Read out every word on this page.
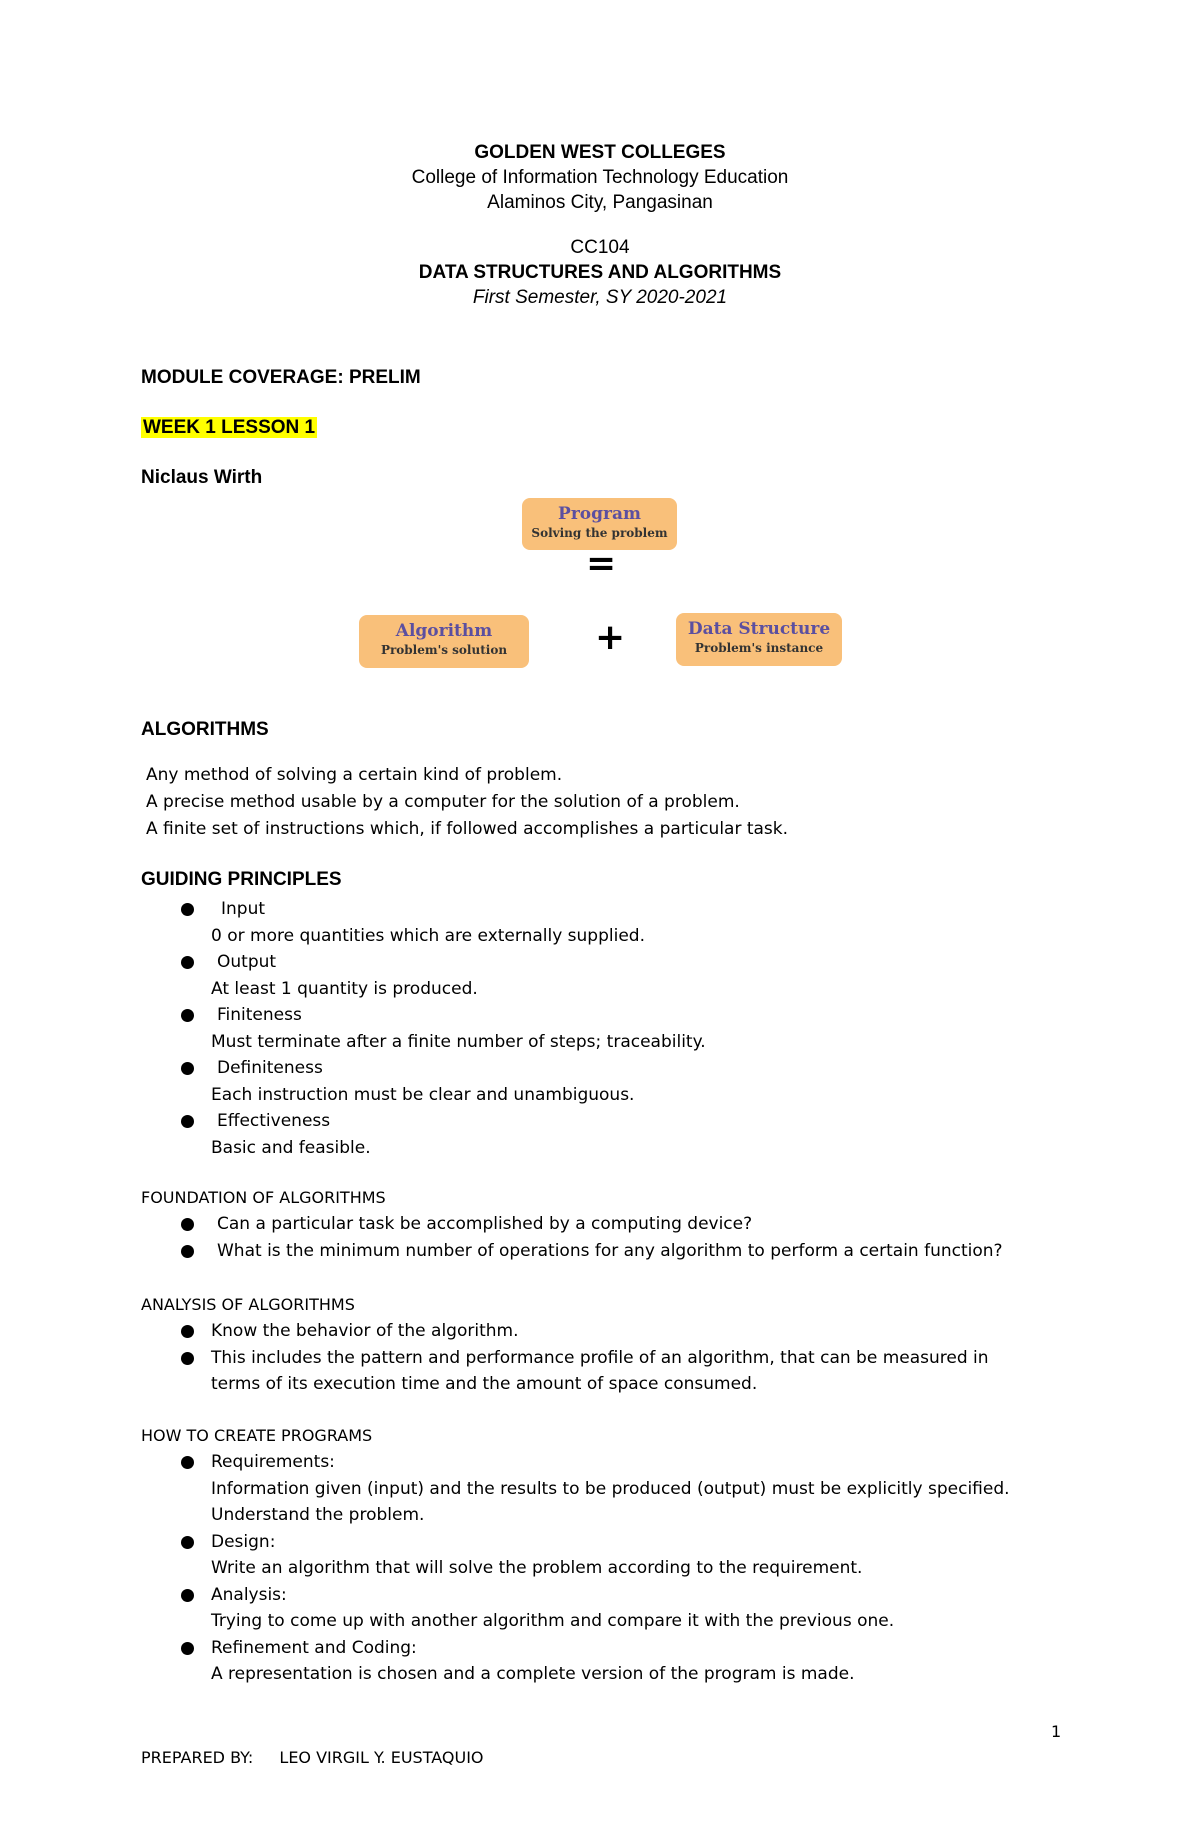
GOLDEN WEST COLLEGES
College of Information Technology Education
Alaminos City, Pangasinan
CC104
DATA STRUCTURES AND ALGORITHMS
First Semester, SY 2020-2021
MODULE COVERAGE: PRELIM
WEEK 1 LESSON 1
Niclaus Wirth
Program
Solving the problem
=
Algorithm
Problem's solution	+	Data Structure
Problem's instance
ALGORITHMS
Any method of solving a certain kind of problem.
A precise method usable by a computer for the solution of a problem.
A finite set of instructions which, if followed accomplishes a particular task.
GUIDING PRINCIPLES
Input
0 or more quantities which are externally supplied.
Output
At least 1 quantity is produced.
Finiteness
Must terminate after a finite number of steps; traceability.
Definiteness
Each instruction must be clear and unambiguous.
Effectiveness
Basic and feasible.
FOUNDATION OF ALGORITHMS
Can a particular task be accomplished by a computing device?
What is the minimum number of operations for any algorithm to perform a certain function?
ANALYSIS OF ALGORITHMS
Know the behavior of the algorithm.
This includes the pattern and performance profile of an algorithm, that can be measured in
terms of its execution time and the amount of space consumed.
HOW TO CREATE PROGRAMS
Requirements:
Information given (input) and the results to be produced (output) must be explicitly specified.
Understand the problem.
Design:
Write an algorithm that will solve the problem according to the requirement.
Analysis:
Trying to come up with another algorithm and compare it with the previous one.
Refinement and Coding:
A representation is chosen and a complete version of the program is made.
1
PREPARED BY: LEO VIRGIL Y. EUSTAQUIO
